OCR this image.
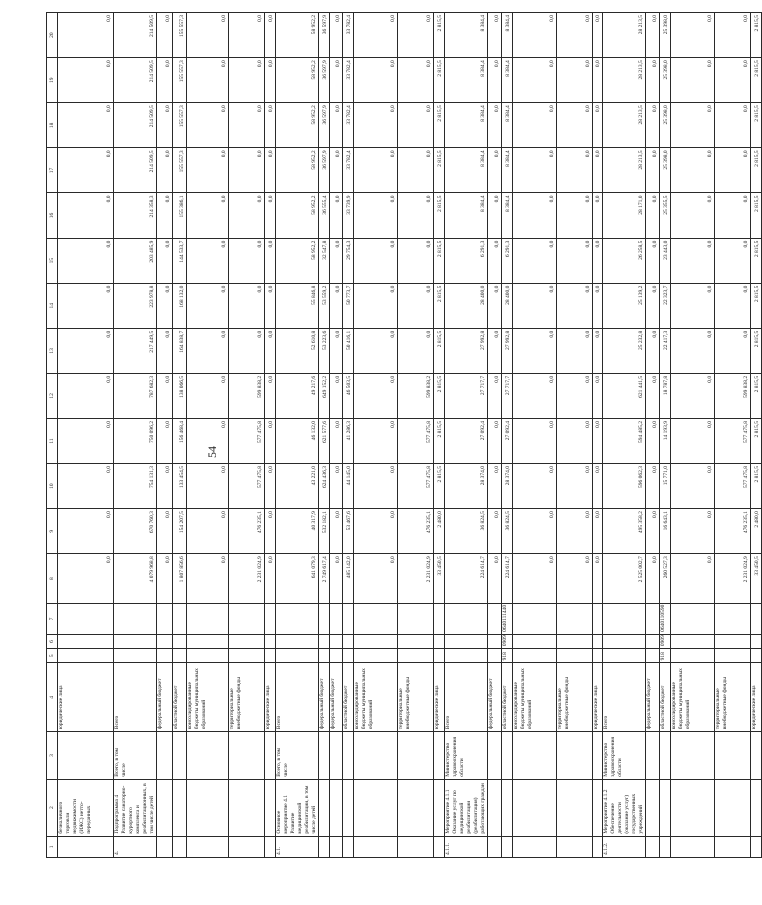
54
1	2	3	4	5	6	7	8	9	10	11	12	13	14	15	16	17	18	19	20
	безналичного торговли недвижимости (ИЖС) нетто-переданных		юридические лица				0,0	0,0	0,0	0,0	0,0	0,0	0,0	0,0	0,0	0,0	0,0	0,0	0,0
4.	Подпрограмма 4 Развитие санаторно-курортного комплекса и реабилитационных, в том числе детей	Всего, в том числе	Всего				4 079 968,8	670 760,3	754 131,3	750 096,2	787 682,3	217 449,5	223 978,8	203 485,9	214 358,3	214 509,5	214 509,5	214 509,5	214 509,5
			федеральный бюджет				0,0	0,0	0,0	0,0	0,0	0,0	0,0	0,0	0,0	0,0	0,0	0,0	0,0
			областной бюджет				1 807 856,6	154 207,5	133 454,5	156 468,4	138 066,5	164 838,7	168 132,0	144 533,7	155 386,1	155 557,3	155 557,3	155 557,3	155 557,3
			консолидированные бюджеты муниципальных образований				0,0	0,0	0,0	0,0	0,0	0,0	0,0	0,0	0,0	0,0	0,0	0,0	0,0
			территориальные внебюджетные фонды				2 231 024,9	476 235,1	577 475,8	577 475,8	599 838,2	0,0	0,0	0,0	0,0	0,0	0,0	0,0	0,0
			юридические лица				0,0	0,0	0,0	0,0	0,0	0,0	0,0	0,0	0,0	0,0	0,0	0,0	0,0
4.1.	Основное мероприятие 4.1 Развитие медицинской реабилитации, в том числе детей	Всего, в том числе	Всего				641 079,3	40 317,9	43 221,0	46 132,0	49 217,6	52 610,8	55 846,8	58 952,2	58 952,2	58 952,2	58 952,2	58 952,2	58 952,2
			федеральный бюджет				2 749 617,4	532 182,1	624 436,3	621 577,6	649 152,2	53 223,6	53 559,2	32 547,8	36 555,4	36 597,9	36 597,9	36 597,9	36 597,9
			федеральный бюджет				0,0	0,0	0,0	0,0	0,0	0,0	0,0	0,0	0,0	0,0	0,0	0,0	0,0
			областной бюджет				485 142,0	53 467,6	44 145,0	41 286,3	46 503,5	50 416,1	50 773,7	29 754,3	33 739,9	33 782,4	33 782,4	33 782,4	33 782,4
			консолидированные бюджеты муниципальных образований				0,0	0,0	0,0	0,0	0,0	0,0	0,0	0,0	0,0	0,0	0,0	0,0	0,0
			территориальные внебюджетные фонды				2 231 024,9	476 235,1	577 475,8	577 475,8	599 838,2	0,0	0,0	0,0	0,0	0,0	0,0	0,0	0,0
			юридические лица				33 450,5	2 480,0	2 815,5	2 815,5	2 815,5	2 815,5	2 815,5	2 815,5	2 815,5	2 815,5	2 815,5	2 815,5	2 815,5
4.1.1.	Мероприятие 4.1.1 Оказание услуг по медицинской реабилитации (реабилитация) работающих граждан	Министерство здравоохранения области	Всего				224 614,7	36 824,5	28 374,0	27 092,4	27 717,7	27 992,8	28 400,0	6 291,3	8 384,4	8 384,4	8 384,4	8 384,4	8 384,4
			федеральный бюджет				0,0	0,0	0,0	0,0	0,0	0,0	0,0	0,0	0,0	0,0	0,0	0,0	0,0
			областной бюджет	918	0909	0640111440	224 614,7	36 824,5	28 374,0	27 092,4	27 717,7	27 992,8	28 400,0	6 291,3	8 384,4	8 384,4	8 384,4	8 384,4	8 384,4
			консолидированные бюджеты муниципальных образований				0,0	0,0	0,0	0,0	0,0	0,0	0,0	0,0	0,0	0,0	0,0	0,0	0,0
			территориальные внебюджетные фонды				0,0	0,0	0,0	0,0	0,0	0,0	0,0	0,0	0,0	0,0	0,0	0,0	0,0
			юридические лица				0,0	0,0	0,0	0,0	0,0	0,0	0,0	0,0	0,0	0,0	0,0	0,0	0,0
4.1.2.	Мероприятие 4.1.2 Обеспечение деятельности (оказание услуг) государственных учреждений	Министерство здравоохранения области	Всего				2 525 002,7	495 358,2	596 062,3	594 485,2	621 441,5	25 232,8	25 139,2	26 258,5	28 171,0	28 213,5	28 213,5	28 213,5	28 213,5
			федеральный бюджет				0,0	0,0	0,0	0,0	0,0	0,0	0,0	0,0	0,0	0,0	0,0	0,0	0,0
			областной бюджет	918	0909	0640110590	260 527,3	16 643,1	15 771,0	14 193,9	18 787,8	22 417,3	22 323,7	23 443,0	25 355,5	25 398,0	25 398,0	25 398,0	25 398,0
			консолидированные бюджеты муниципальных образований				0,0	0,0	0,0	0,0	0,0	0,0	0,0	0,0	0,0	0,0	0,0	0,0	0,0
			территориальные внебюджетные фонды				2 231 024,9	476 235,1	577 475,8	577 475,8	599 838,2	0,0	0,0	0,0	0,0	0,0	0,0	0,0	0,0
			юридические лица				33 450,5	2 480,0	2 815,5	2 815,5	2 815,5	2 815,5	2 815,5	2 815,5	2 815,5	2 815,5	2 815,5	2 815,5	2 815,5
